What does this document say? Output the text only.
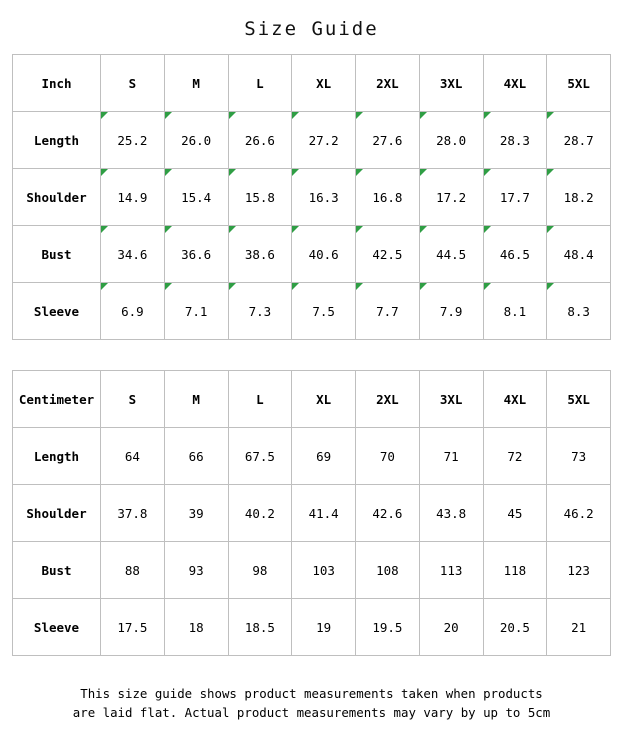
Size Guide
Inch	S	M	L	XL	2XL	3XL	4XL	5XL
Length	25.2	26.0	26.6	27.2	27.6	28.0	28.3	28.7
Shoulder	14.9	15.4	15.8	16.3	16.8	17.2	17.7	18.2
Bust	34.6	36.6	38.6	40.6	42.5	44.5	46.5	48.4
Sleeve	6.9	7.1	7.3	7.5	7.7	7.9	8.1	8.3
Centimeter	S	M	L	XL	2XL	3XL	4XL	5XL
Length	64	66	67.5	69	70	71	72	73
Shoulder	37.8	39	40.2	41.4	42.6	43.8	45	46.2
Bust	88	93	98	103	108	113	118	123
Sleeve	17.5	18	18.5	19	19.5	20	20.5	21
This size guide shows product measurements taken when products
are laid flat. Actual product measurements may vary by up to 5cm
